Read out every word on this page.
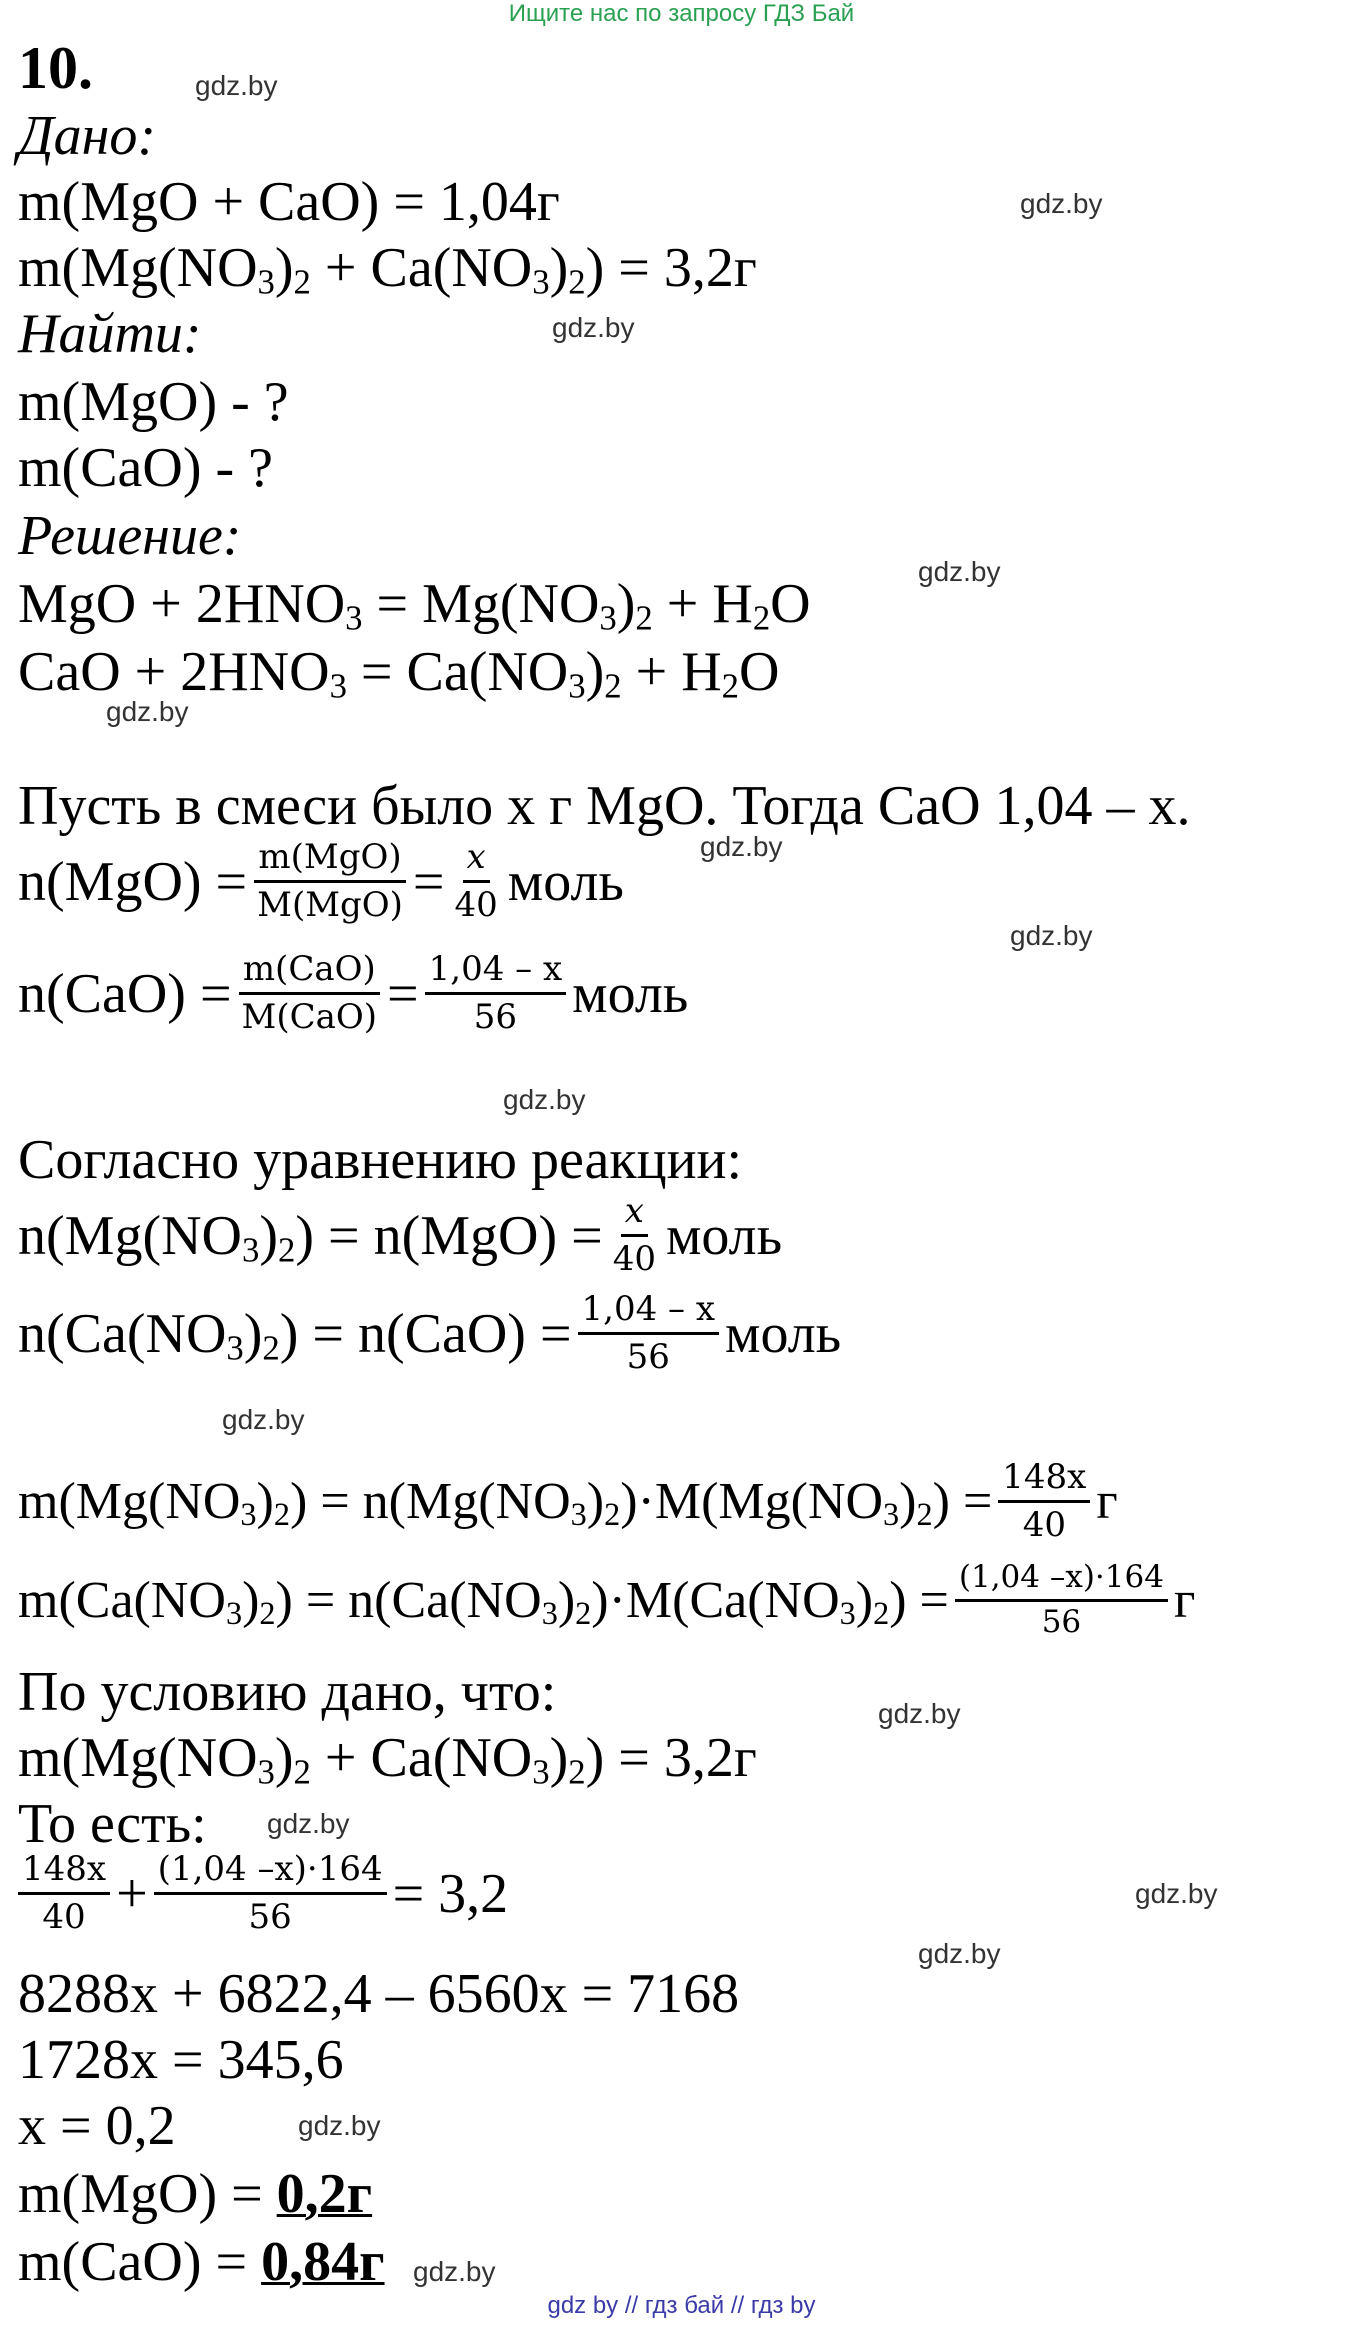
Ищите нас по запросу ГДЗ Бай
gdz.by
gdz.by
gdz.by
gdz.by
gdz.by
gdz.by
gdz.by
gdz.by
gdz.by
gdz.by
gdz.by
gdz.by
gdz.by
gdz.by
gdz.by
10.
Дано:
m(MgO + CaO) = 1,04г
$m(Mg(NO_3)_2 + Ca(NO_3)_2) = 3,2г$
Найти:
m(MgO) - ?
m(CaO) - ?
Решение:
MgO + $2HNO_3 = Mg(NO_3)_2 + H_2O$
CaO + $2HNO_3 = Ca(NO_3)_2 + H_2O$
Пусть в смеси было x г MgO. Тогда CaO 1,04 – x.
n(MgO) = m(MgO)
$M(MgO) = \frac{x}{40}$ моль
n(CaO) = m(CaO)
$M(CaO) = \frac{1,04 - x}{56}$ моль
Согласно уравнению реакции:
$n(Mg(NO_3)_2) = n(MgO) = \frac{x}{40}$ моль
$n(Ca(NO_3)_2) = n(CaO) = \frac{1,04 - x}{56}$ моль
$m(Mg(NO_3)_2) = n(Mg(NO_3)_2)\cdot M(Mg(NO_3)_2) = \frac{148x}{40}$ г
$m(Ca(NO_3)_2) = n(Ca(NO_3)_2)\cdot M(Ca(NO_3)_2) = \frac{(1,04 -x)\cdot 164}{56}$ г
По условию дано, что:
$m(Mg(NO_3)_2 + Ca(NO_3)_2) = 3,2г$
То есть:
148x
$40 + \frac{(1,04 -x)\cdot 164}{56} = 3,2$
8288x + 6822,4 – 6560x = 7168
1728x = 345,6
x = 0,2
m(MgO) = 0,2г
m(CaO) = 0,84г
gdz by // гдз бай // гдз by
